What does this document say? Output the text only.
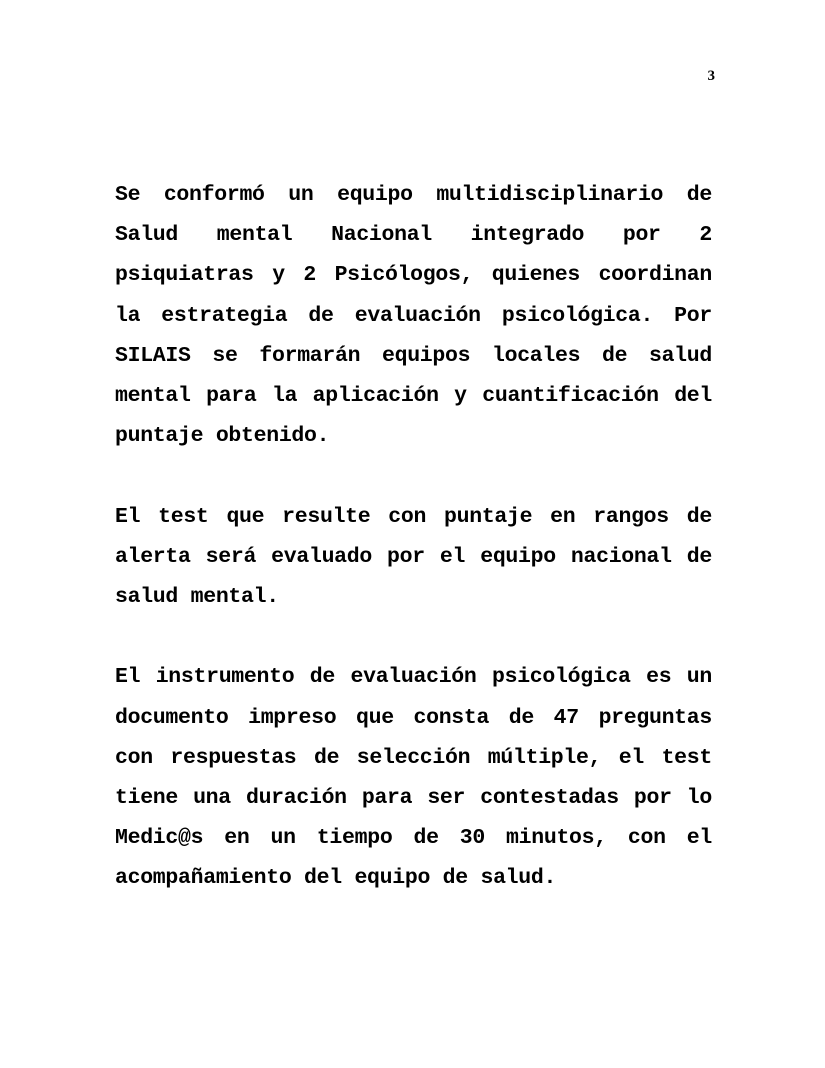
3

Se conformó un equipo multidisciplinario de Salud mental Nacional integrado por 2 psiquiatras y 2 Psicólogos, quienes coordinan la estrategia de evaluación psicológica. Por SILAIS se formarán equipos locales de salud mental para la aplicación y cuantificación del puntaje obtenido.

El test que resulte con puntaje en rangos de alerta será evaluado por el equipo nacional de salud mental.

El instrumento de evaluación psicológica es un documento impreso que consta de 47 preguntas con respuestas de selección múltiple, el test tiene una duración para ser contestadas por lo Medic@s en un tiempo de 30 minutos, con el acompañamiento del equipo de salud.
